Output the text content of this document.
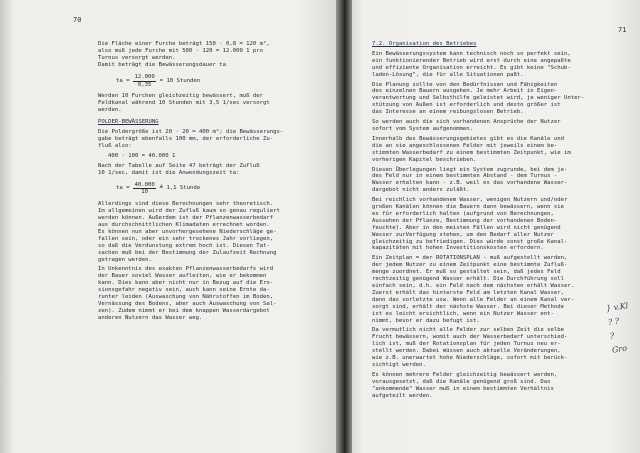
70

Die Fläche einer Furche beträgt 150 · 0,8 = 120 m²,
also muß jede Furche mit 500 · 120 = 12.000 1 pro
Turnus versorgt werden.
Damit beträgt die Bewässerungsdauer ta

ta = $\frac{12.000}{0,35} = 10$ Stunden

Werden 10 Furchen gleichzeitig bewässert, muß der
Feldkanal während 10 Stunden mit 3,5 1/sec versorgt
werden.

POLDER-BEWÄSSERUNG

Die Poldergröße ist 20 · 20 = 400 m²; die Bewässerungs-
gabe beträgt ebenfalls 100 mm, der erforderliche Zu-
fluß also:

400 · 100 = 40.000 1

Nach der Tabelle auf Seite 47 beträgt der Zufluß
10 1/sec, damit ist die Anwendungszeit ta:

ta = $\frac{40.000}{10}$ ≙ 1,1 Stunde

Allerdings sind diese Berechnungen sehr theoretisch.
Im allgemeinen wird der Zufluß kaum so genau reguliert
werden können. Außerdem ist der Pflanzenwasserbedarf
aus durchschnittlichen Klimadaten errechnet worden.
Es können nun aber unvorhergesehene Niederschläge ge-
fallen sein, oder ein sehr trockenes Jahr vorliegen,
so daß die Verdunstung extrem hoch ist. Diesen Tat-
sachen muß bei der Bestimmung der Zulaufzeit Rechnung
getragen werden.

In Unkenntnis des exakten Pflanzenwasserbedarfs wird
der Bauer soviel Wasser aufleiten, wie er bekommen
kann. Dies kann aber nicht nur in Bezug auf die Ero-
sionsgefahr negativ sein, auch kann seine Ernte da-
runter leiden (Auswaschung von Nährstoffen im Boden,
Vernässung des Bodens, aber auch Auswaschung von Sal-
zen). Zudem nimmt er bei dem knappen Wasserdargebot
anderen Nutzern das Wasser weg.

71
7.2. Organisation des Betriebes

Ein Bewässerungssystem kann technisch noch so perfekt sein,
ein funktionierender Betrieb wird erst durch eine angepaßte
und effiziente Organisation erreicht. Es gibt keine "Schub-
laden-Lösung", die für alle Situationen paßt.

Die Planung sollte von den Bedürfnissen und Fähigkeiten
des einzelnen Bauern ausgehen. Je mehr Arbeit in Eigen-
verantwortung und Selbsthilfe geleistet wird, je weniger Unter-
stützung von Außen ist erforderlich und desto größer ist
das Interesse an einem reibungslosen Betrieb.

So werden auch die sich vorhandenen Ansprüche der Nutzer
sofort vom System aufgenommen.

Innerhalb des Bewässerungsgebietes gibt es die Kanäle und
die an sie angeschlossenen Felder mit jeweils einem be-
stimmten Wasserbedarf zu einem bestimmten Zeitpunkt, wie im
vorherigen Kapitel beschrieben.

Diesen Überlegungen liegt ein System zugrunde, bei dem je-
des Feld nur in einem bestimmten Abstand - dem Turnus -
Wasser erhalten kann - z.B. weil es das vorhandene Wasser-
dargebot nicht anders zuläßt.

Bei reichlich vorhandenem Wasser, wenigen Nutzern und/oder
großen Kanälen können die Bauern dann bewässern, wenn sie
es für erforderlich halten (aufgrund von Berechnungen,
Aussehen der Pflanze, Bestimmung der vorhandenen Boden-
feuchte). Aber in den meisten Fällen wird nicht genügend
Wasser zurVerfügung stehen, um den Bedarf aller Nutzer
gleichzeitig zu befriedigen. Dies würde sonst große Kanal-
kapazitäten mit hohen Investitionskosten erfordern.

Ein Zeitplan = der ROTATIONSPLAN - muß aufgestellt werden,
der jedem Nutzer zu einem Zeitpunkt eine bestimmte Zufluß-
menge zuordnet. Er muß so gestaltet sein, daß jedes Feld
rechtzeitig genügend Wasser erhält. Die Durchführung soll
einfach sein, d.h. ein Feld nach dem nächsten erhält Wasser.
Zuerst erhält das hinterste Feld am letzten Kanal Wasser,
dann das vorletzte usw. Wenn alle Felder an einem Kanal ver-
sorgt sind, erhält der nächste Wasser. Bei dieser Methode
ist es leicht ersichtlich, wenn ein Nutzer Wasser ent-
nimmt, bevor er dazu befugt ist.

Da vermutlich nicht alle Felder zur selben Zeit die selbe
Frucht bewässern, womit auch der Wasserbedarf unterschied-
lich ist, muß der Rotationsplan für jeden Turnus neu er-
stellt werden. Dabei müssen auch aktuelle Veränderungen,
wie z.B. unerwartet hohe Niederschläge, sofort mit berück-
sichtigt werden.

Es können mehrere Felder gleichzeitig bewässert werden,
vorausgesetzt, daß die Kanäle genügend groß sind. Das
"ankommende" Wasser muß in einem bestimmten Verhältnis
aufgeteilt werden.

} v.Kl
? ?
?
Gro
